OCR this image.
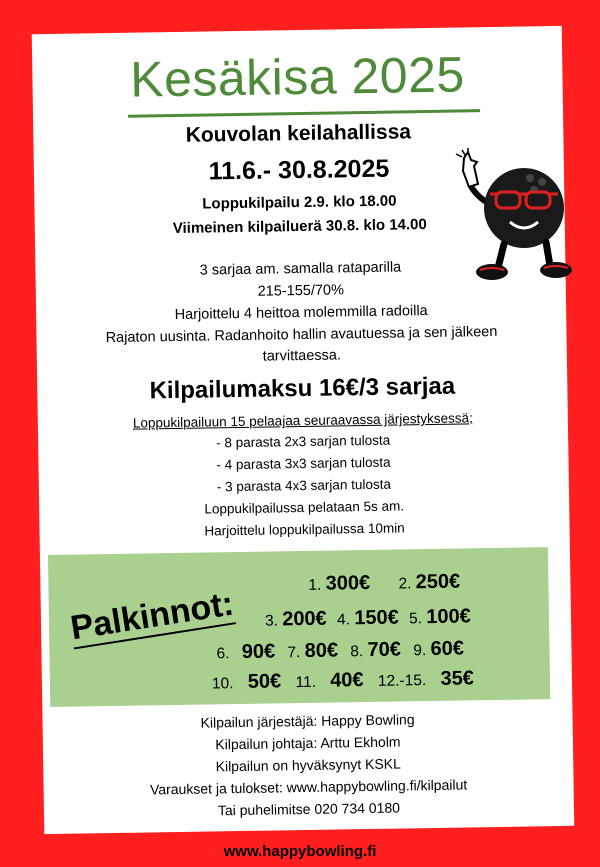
Kesäkisa 2025
Kouvolan keilahallissa
11.6.- 30.8.2025
Loppukilpailu 2.9. klo 18.00
Viimeinen kilpailuerä 30.8. klo 14.00
3 sarjaa am. samalla rataparilla
215-155/70%
Harjoittelu 4 heittoa molemmilla radoilla
Rajaton uusinta. Radanhoito hallin avautuessa ja sen jälkeen
tarvittaessa.
Kilpailumaksu 16€/3 sarjaa
Loppukilpailuun 15 pelaajaa seuraavassa järjestyksessä;
- 8 parasta 2x3 sarjan tulosta
- 4 parasta 3x3 sarjan tulosta
- 3 parasta 4x3 sarjan tulosta
Loppukilpailussa pelataan 5s am.
Harjoittelu loppukilpailussa 10min
Palkinnot:	1. 300€ 2. 250€
3. 200€ 4. 150€ 5. 100€
6. 90€ 7. 80€ 8. 70€ 9. 60€
10. 50€ 11. 40€ 12.-15. 35€
Kilpailun järjestäjä: Happy Bowling
Kilpailun johtaja: Arttu Ekholm
Kilpailun on hyväksynyt KSKL
Varaukset ja tulokset: www.happybowling.fi/kilpailut
Tai puhelimitse 020 734 0180
www.happybowling.fi
